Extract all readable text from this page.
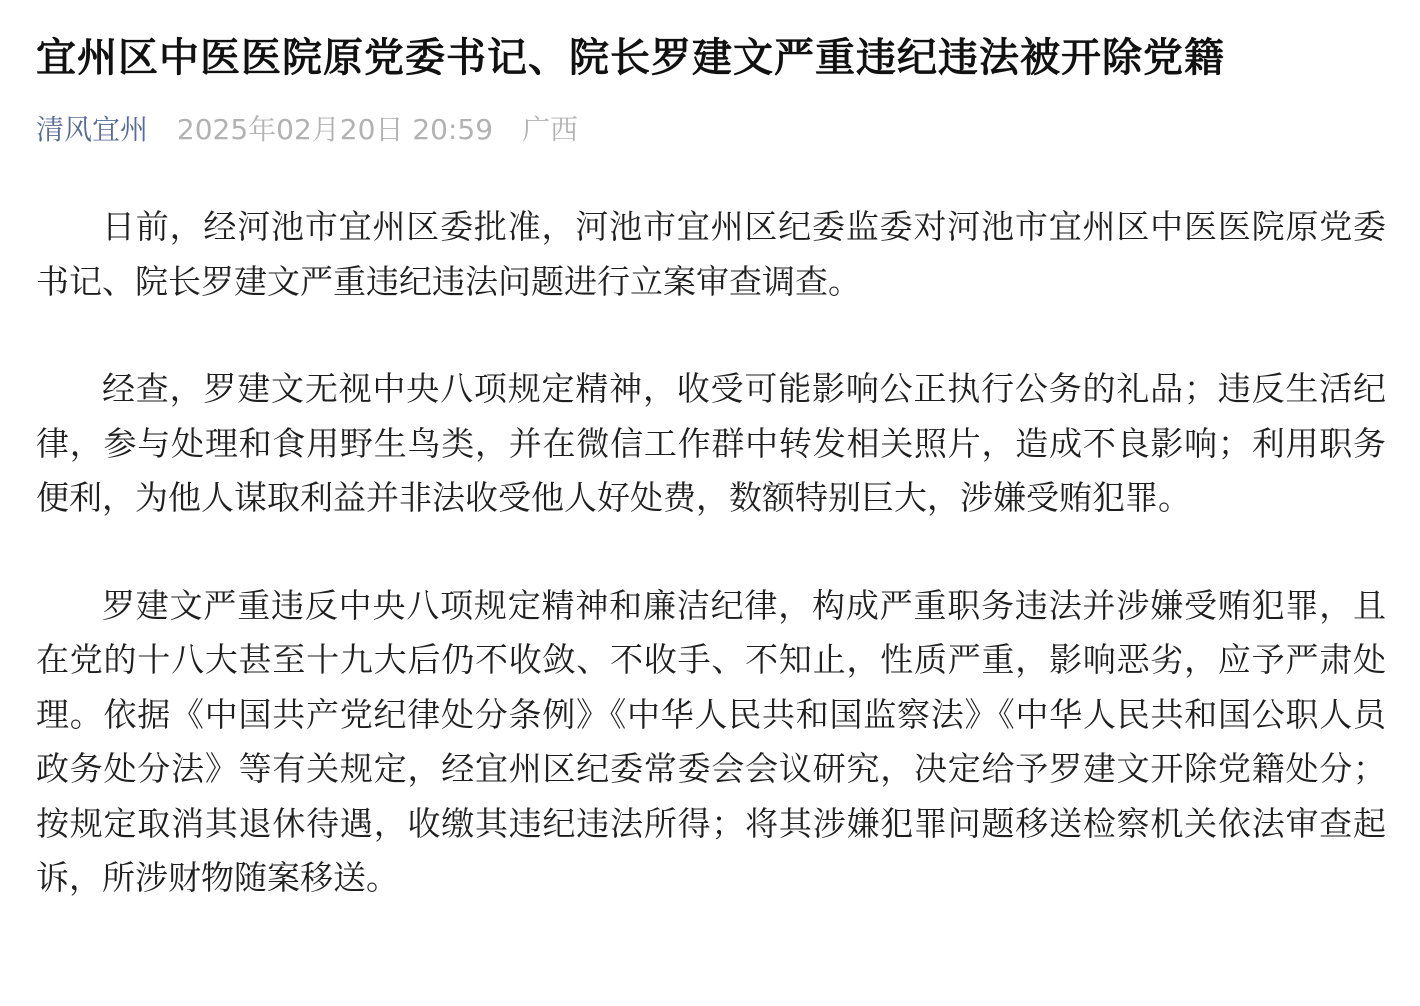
宜州区中医医院原党委书记、院长罗建文严重违纪违法被开除党籍
清风宜州 2025年02月20日 20:59 广西

日前，经河池市宜州区委批准，河池市宜州区纪委监委对河池市宜州区中医医院原党委书记、院长罗建文严重违纪违法问题进行立案审查调查。

经查，罗建文无视中央八项规定精神，收受可能影响公正执行公务的礼品；违反生活纪律，参与处理和食用野生鸟类，并在微信工作群中转发相关照片，造成不良影响；利用职务便利，为他人谋取利益并非法收受他人好处费，数额特别巨大，涉嫌受贿犯罪。

罗建文严重违反中央八项规定精神和廉洁纪律，构成严重职务违法并涉嫌受贿犯罪，且在党的十八大甚至十九大后仍不收敛、不收手、不知止，性质严重，影响恶劣，应予严肃处理。依据《中国共产党纪律处分条例》《中华人民共和国监察法》《中华人民共和国公职人员政务处分法》等有关规定，经宜州区纪委常委会会议研究，决定给予罗建文开除党籍处分；按规定取消其退休待遇，收缴其违纪违法所得；将其涉嫌犯罪问题移送检察机关依法审查起诉，所涉财物随案移送。
